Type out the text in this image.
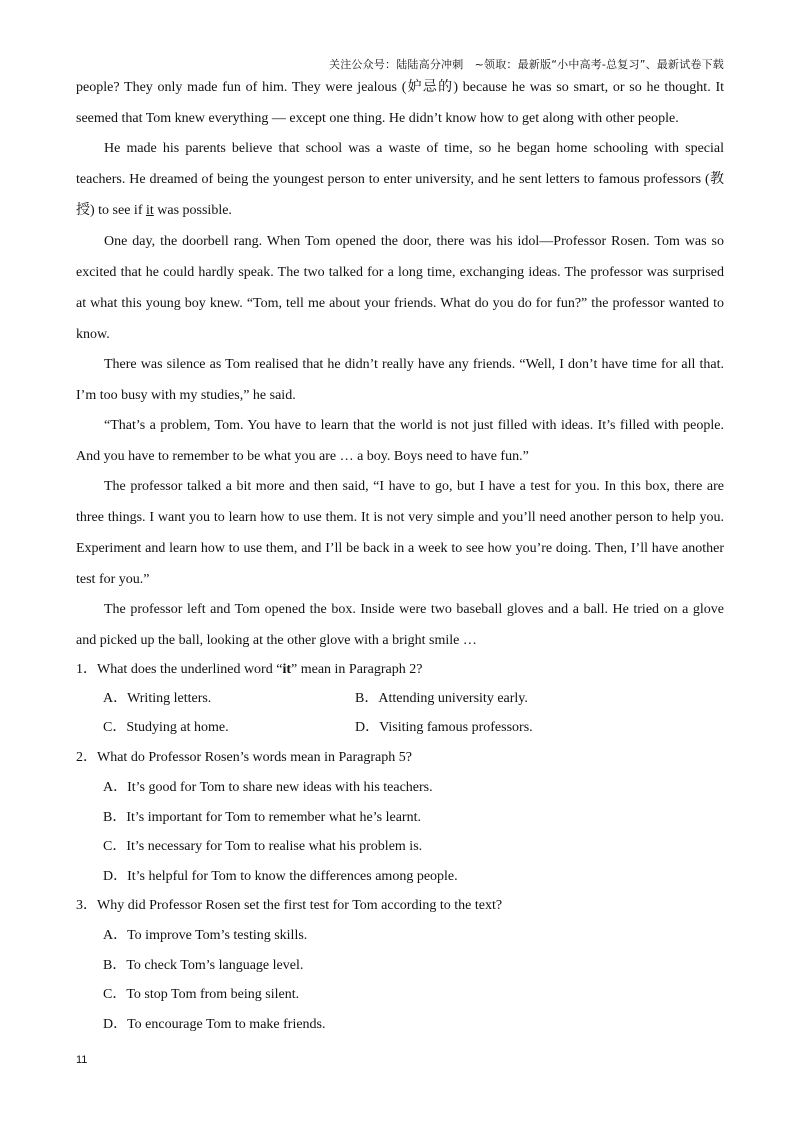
关注公众号：陆陆高分冲刺　~领取：最新版“小中高考-总复习”、最新试卷下载
people? They only made fun of him. They were jealous (妒忌的) because he was so smart, or so he thought. It seemed that Tom knew everything — except one thing. He didn’t know how to get along with other people.
He made his parents believe that school was a waste of time, so he began home schooling with special teachers. He dreamed of being the youngest person to enter university, and he sent letters to famous professors (教授) to see if it was possible.
One day, the doorbell rang. When Tom opened the door, there was his idol—Professor Rosen. Tom was so excited that he could hardly speak. The two talked for a long time, exchanging ideas. The professor was surprised at what this young boy knew. “Tom, tell me about your friends. What do you do for fun?” the professor wanted to know.
There was silence as Tom realised that he didn’t really have any friends. “Well, I don’t have time for all that. I’m too busy with my studies,” he said.
“That’s a problem, Tom. You have to learn that the world is not just filled with ideas. It’s filled with people. And you have to remember to be what you are … a boy. Boys need to have fun.”
The professor talked a bit more and then said, “I have to go, but I have a test for you. In this box, there are three things. I want you to learn how to use them. It is not very simple and you’ll need another person to help you. Experiment and learn how to use them, and I’ll be back in a week to see how you’re doing. Then, I’ll have another test for you.”
The professor left and Tom opened the box. Inside were two baseball gloves and a ball. He tried on a glove and picked up the ball, looking at the other glove with a bright smile …
1．What does the underlined word “it” mean in Paragraph 2?
A．Writing letters.	B．Attending university early.
C．Studying at home.	D．Visiting famous professors.
2．What do Professor Rosen’s words mean in Paragraph 5?
A．It’s good for Tom to share new ideas with his teachers.
B．It’s important for Tom to remember what he’s learnt.
C．It’s necessary for Tom to realise what his problem is.
D．It’s helpful for Tom to know the differences among people.
3．Why did Professor Rosen set the first test for Tom according to the text?
A．To improve Tom’s testing skills.
B．To check Tom’s language level.
C．To stop Tom from being silent.
D．To encourage Tom to make friends.
11
